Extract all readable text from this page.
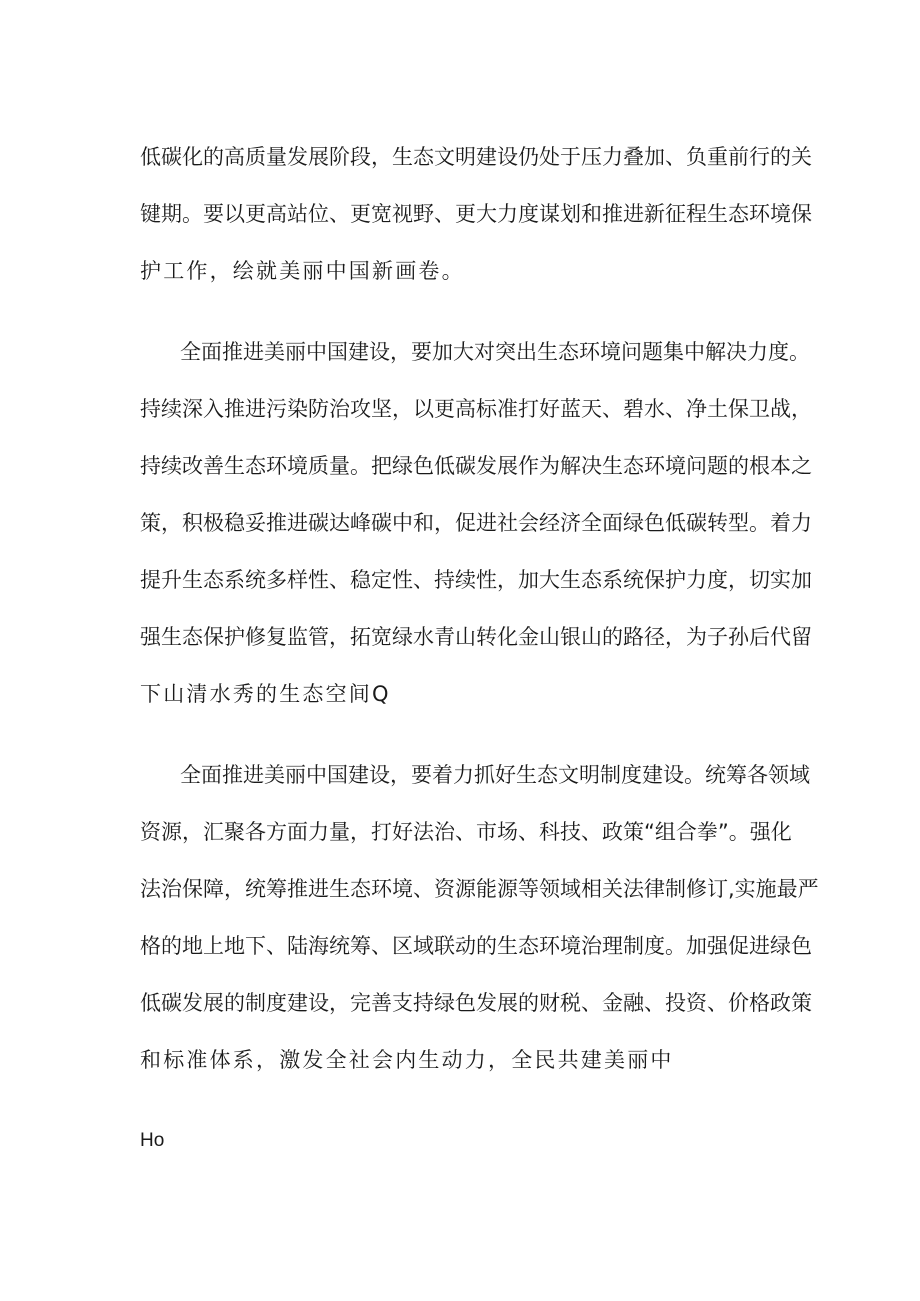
低碳化的高质量发展阶段，生态文明建设仍处于压力叠加、负重前行的关
键期。要以更高站位、更宽视野、更大力度谋划和推进新征程生态环境保
护工作，绘就美丽中国新画卷。
全面推进美丽中国建设，要加大对突出生态环境问题集中解决力度。
持续深入推进污染防治攻坚，以更高标准打好蓝天、碧水、净土保卫战，
持续改善生态环境质量。把绿色低碳发展作为解决生态环境问题的根本之
策，积极稳妥推进碳达峰碳中和，促进社会经济全面绿色低碳转型。着力
提升生态系统多样性、稳定性、持续性，加大生态系统保护力度，切实加
强生态保护修复监管，拓宽绿水青山转化金山银山的路径，为子孙后代留
下山清水秀的生态空间Q
全面推进美丽中国建设，要着力抓好生态文明制度建设。统筹各领域
资源，汇聚各方面力量，打好法治、市场、科技、政策“组合拳”。强化
法治保障，统筹推进生态环境、资源能源等领域相关法律制修订,实施最严
格的地上地下、陆海统筹、区域联动的生态环境治理制度。加强促进绿色
低碳发展的制度建设，完善支持绿色发展的财税、金融、投资、价格政策
和标准体系，激发全社会内生动力，全民共建美丽中
Ho
